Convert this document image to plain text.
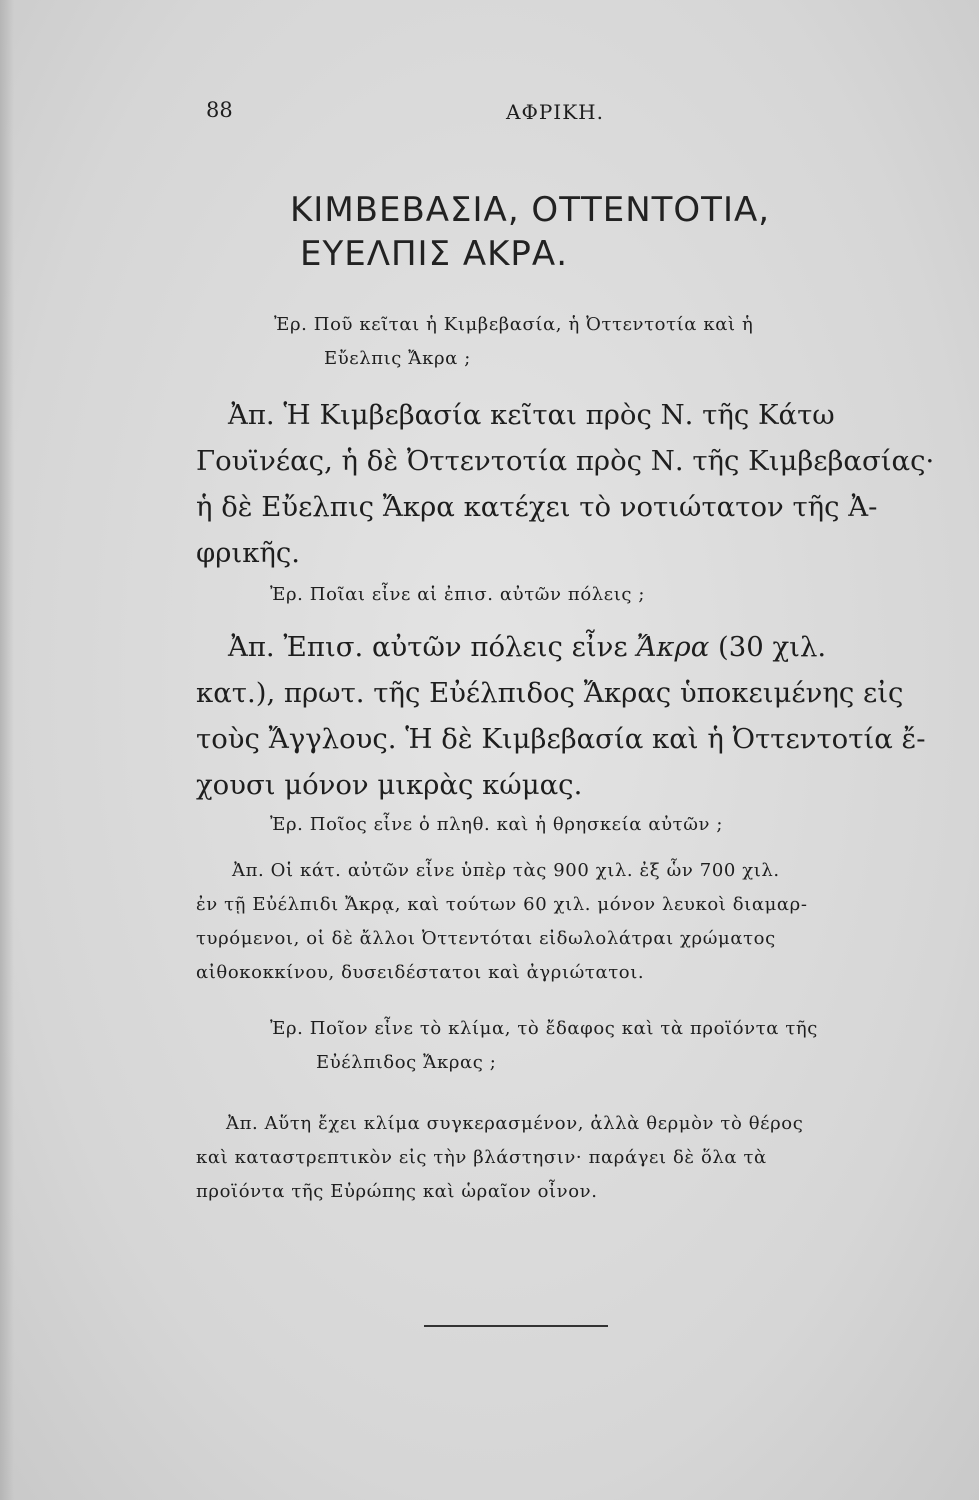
88	ΑΦΡΙΚΗ.
ΚΙΜΒΕΒΑΣΙΑ, ΟΤΤΕΝΤΟΤΙΑ,
ΕΥΕΛΠΙΣ ΑΚΡΑ.
Ἐρ. Ποῦ κεῖται ἡ Κιμβεβασία, ἡ Ὀττεντοτία καὶ ἡ
Εὔελπις Ἄκρα ;
Ἀπ. Ἡ Κιμβεβασία κεῖται πρὸς Ν. τῆς Κάτω
Γουϊνέας, ἡ δὲ Ὀττεντοτία πρὸς Ν. τῆς Κιμβεβασίας·
ἡ δὲ Εὔελπις Ἄκρα κατέχει τὸ νοτιώτατον τῆς Ἀ-
φρικῆς.
Ἐρ. Ποῖαι εἶνε αἱ ἐπισ. αὐτῶν πόλεις ;
Ἀπ. Ἐπισ. αὐτῶν πόλεις εἶνε Ἄκρα (30 χιλ.
κατ.), πρωτ. τῆς Εὐέλπιδος Ἄκρας ὑποκειμένης εἰς
τοὺς Ἄγγλους. Ἡ δὲ Κιμβεβασία καὶ ἡ Ὀττεντοτία ἔ-
χουσι μόνον μικρὰς κώμας.
Ἐρ. Ποῖος εἶνε ὁ πληθ. καὶ ἡ θρησκεία αὐτῶν ;
Ἀπ. Οἱ κάτ. αὐτῶν εἶνε ὑπὲρ τὰς 900 χιλ. ἐξ ὧν 700 χιλ.
ἐν τῇ Εὐέλπιδι Ἄκρᾳ, καὶ τούτων 60 χιλ. μόνον λευκοὶ διαμαρ-
τυρόμενοι, οἱ δὲ ἄλλοι Ὀττεντόται εἰδωλολάτραι χρώματος
αἰθοκοκκίνου, δυσειδέστατοι καὶ ἀγριώτατοι.
Ἐρ. Ποῖον εἶνε τὸ κλίμα, τὸ ἔδαφος καὶ τὰ προϊόντα τῆς
Εὐέλπιδος Ἄκρας ;
Ἀπ. Αὕτη ἔχει κλίμα συγκερασμένον, ἀλλὰ θερμὸν τὸ θέρος
καὶ καταστρεπτικὸν εἰς τὴν βλάστησιν· παράγει δὲ ὅλα τὰ
προϊόντα τῆς Εὐρώπης καὶ ὡραῖον οἶνον.
